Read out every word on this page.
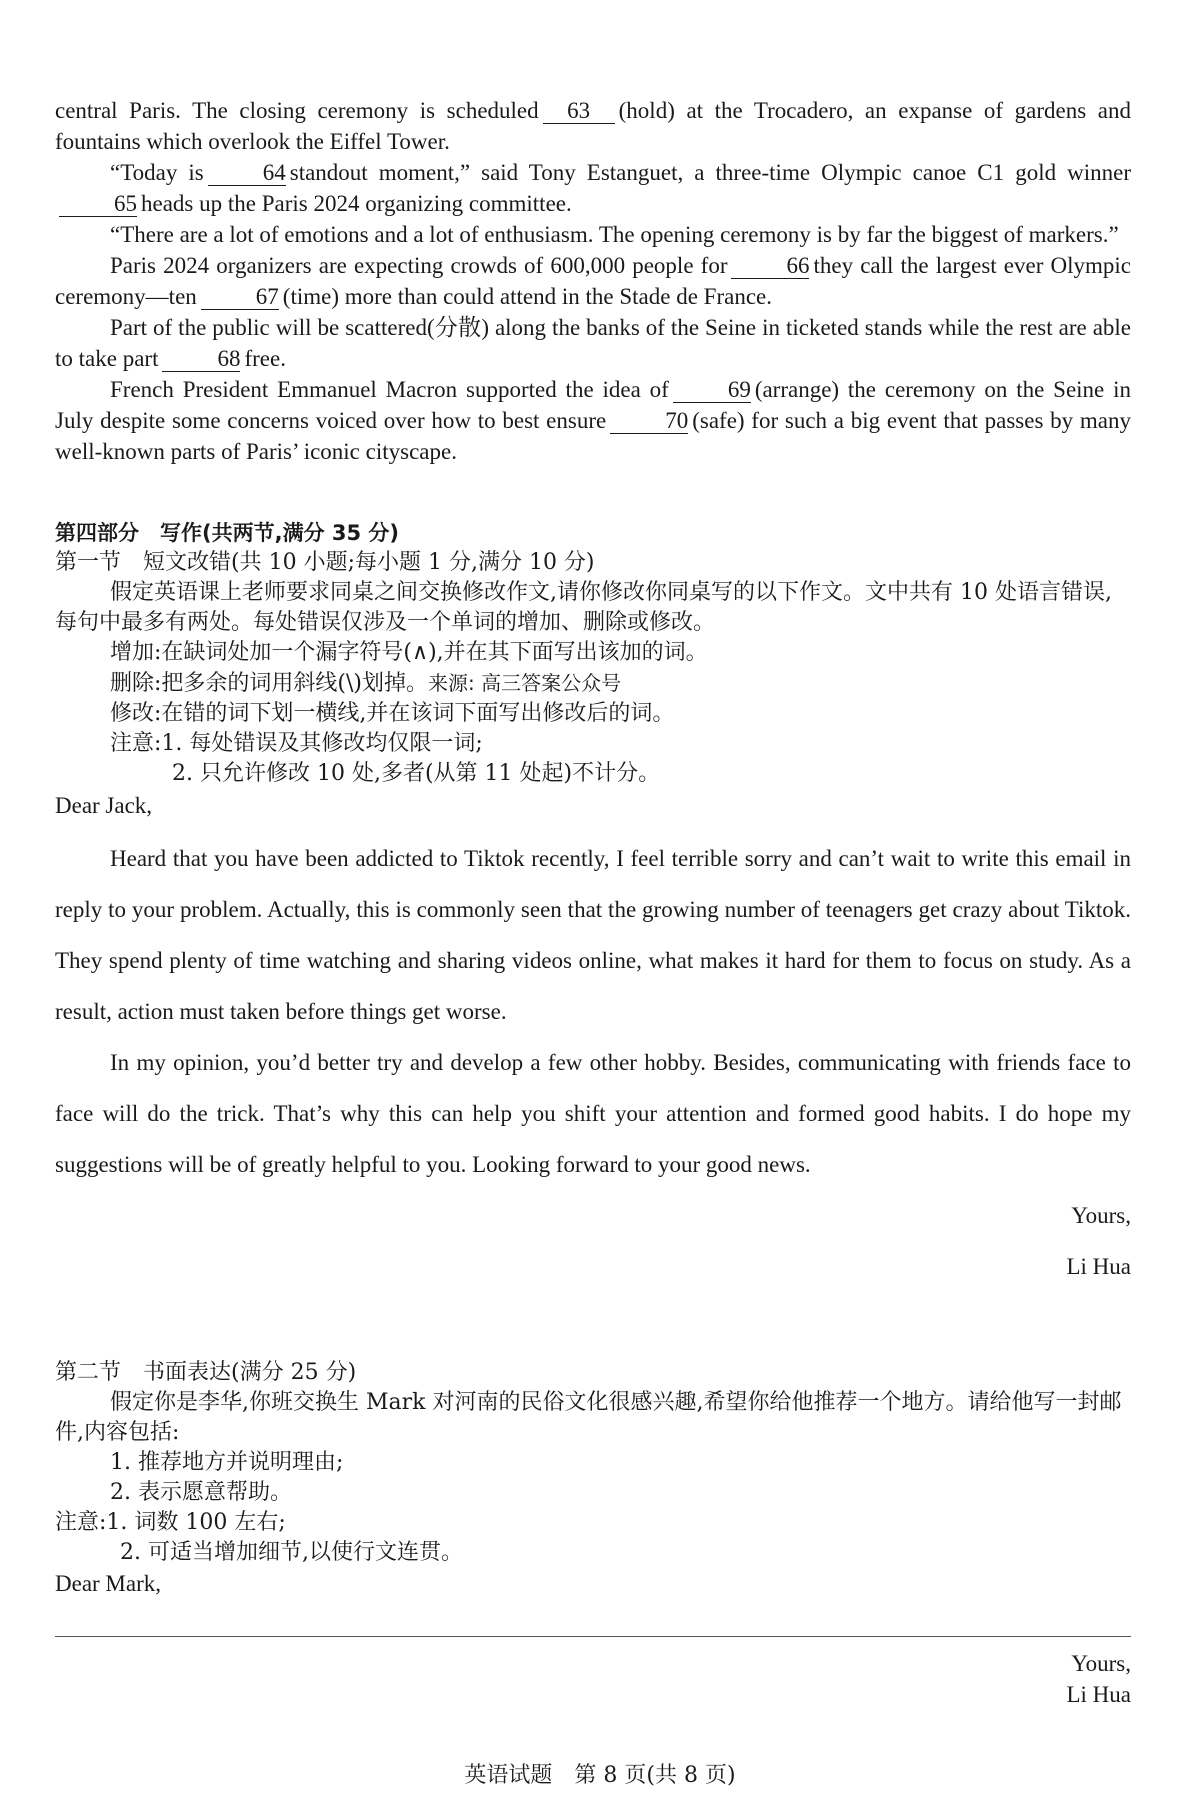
central Paris. The closing ceremony is scheduled 63 (hold) at the Trocadero, an expanse of gardens and fountains which overlook the Eiffel Tower.

“Today is	64 standout moment,” said Tony Estanguet, a three-time Olympic canoe C1 gold winner65 heads up the Paris 2024 organizing committee.

“There are a lot of emotions and a lot of enthusiasm. The opening ceremony is by far the biggest of markers.”

Paris 2024 organizers are expecting crowds of 600,000 people for	66 they call the largest ever Olympic ceremony—ten	67 (time) more than could attend in the Stade de France.

Part of the public will be scattered(分散) along the banks of the Seine in ticketed stands while the rest are able to take part	68 free.

French President Emmanuel Macron supported the idea of	69 (arrange) the ceremony on the Seine in July despite some concerns voiced over how to best ensure	70 (safe) for such a big event that passes by many well-known parts of Paris’ iconic cityscape.

第四部分　写作(共两节,满分 35 分)

第一节　短文改错(共 10 小题;每小题 1 分,满分 10 分)

假定英语课上老师要求同桌之间交换修改作文,请你修改你同桌写的以下作文。文中共有 10 处语言错误,每句中最多有两处。每处错误仅涉及一个单词的增加、删除或修改。

增加:在缺词处加一个漏字符号(∧),并在其下面写出该加的词。

删除:把多余的词用斜线(\)划掉。来源: 高三答案公众号

修改:在错的词下划一横线,并在该词下面写出修改后的词。

注意:1. 每处错误及其修改均仅限一词;

2. 只允许修改 10 处,多者(从第 11 处起)不计分。

Dear Jack,

Heard that you have been addicted to Tiktok recently, I feel terrible sorry and can’t wait to write this email in reply to your problem. Actually, this is commonly seen that the growing number of teenagers get crazy about Tiktok. They spend plenty of time watching and sharing videos online, what makes it hard for them to focus on study. As a result, action must taken before things get worse.

In my opinion, you’d better try and develop a few other hobby. Besides, communicating with friends face to face will do the trick. That’s why this can help you shift your attention and formed good habits. I do hope my suggestions will be of greatly helpful to you. Looking forward to your good news.

Yours,

Li Hua

第二节　书面表达(满分 25 分)

假定你是李华,你班交换生 Mark 对河南的民俗文化很感兴趣,希望你给他推荐一个地方。请给他写一封邮件,内容包括:

1. 推荐地方并说明理由;

2. 表示愿意帮助。

注意:1. 词数 100 左右;

2. 可适当增加细节,以使行文连贯。

Dear Mark,

Yours,

Li Hua

英语试题　第 8 页(共 8 页)
